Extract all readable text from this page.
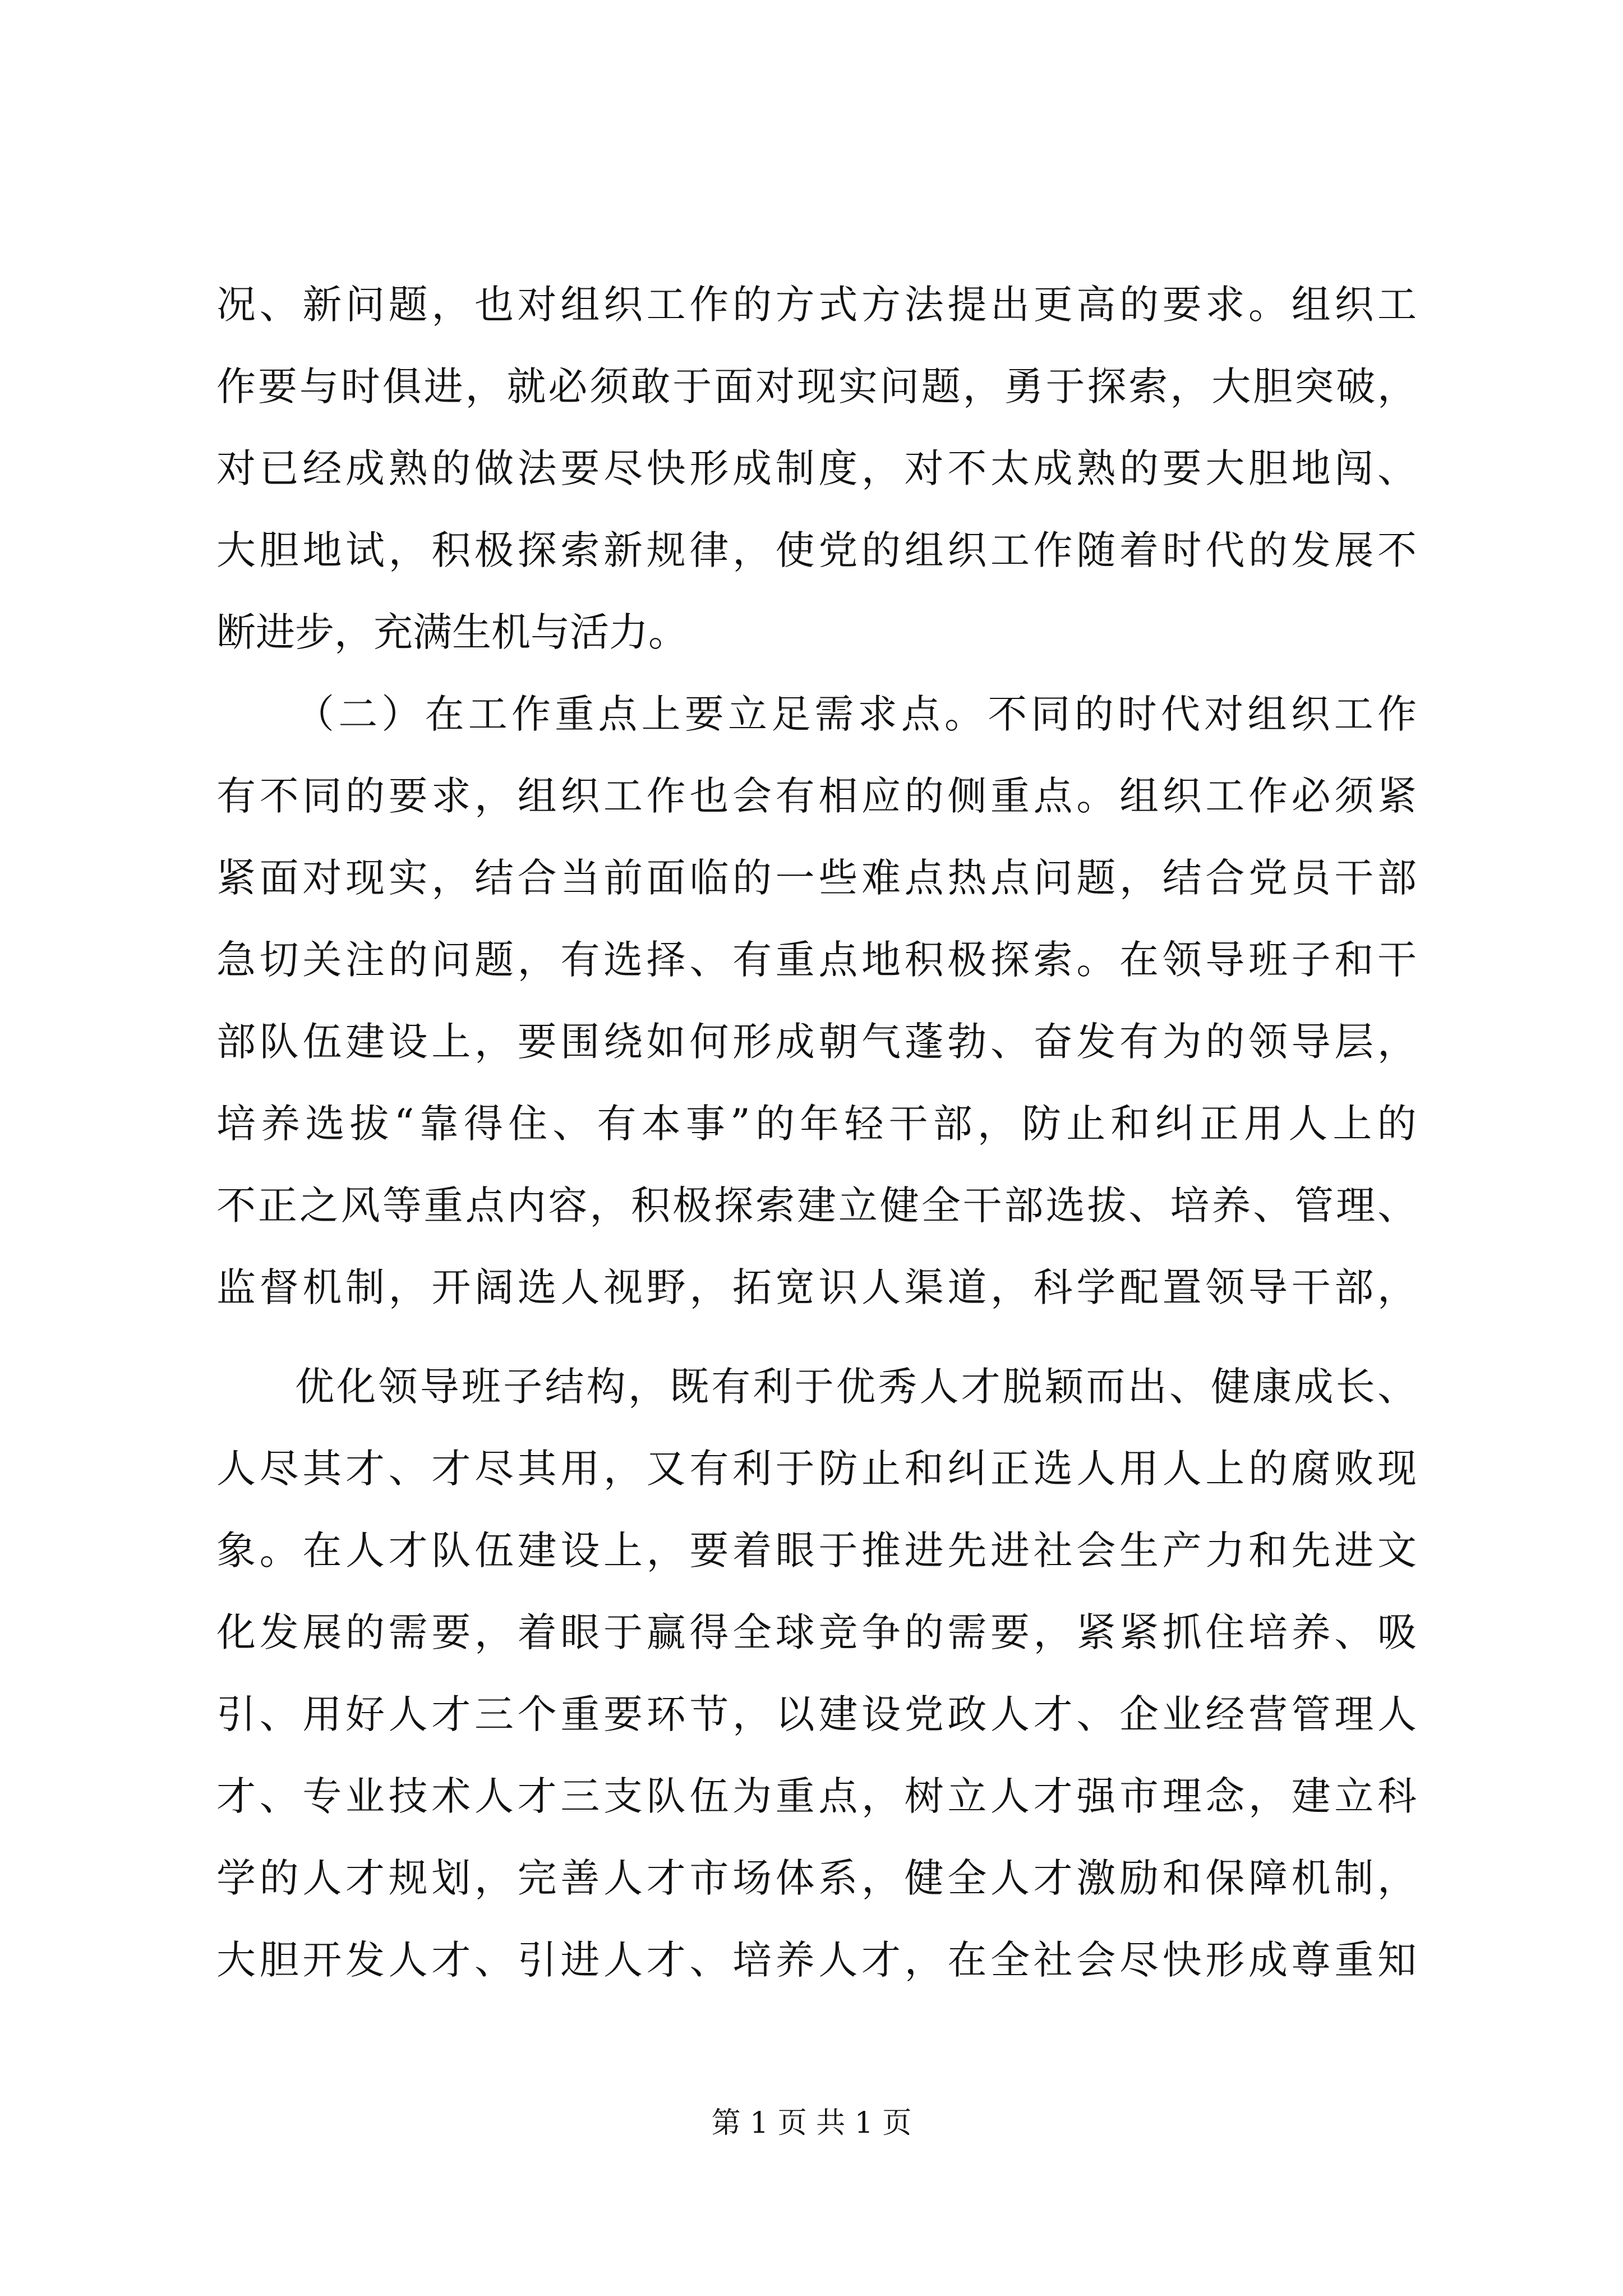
况、新问题，也对组织工作的方式方法提出更高的要求。组织工
作要与时俱进，就必须敢于面对现实问题，勇于探索，大胆突破，
对已经成熟的做法要尽快形成制度，对不太成熟的要大胆地闯、
大胆地试，积极探索新规律，使党的组织工作随着时代的发展不
断进步，充满生机与活力。
（二）在工作重点上要立足需求点。不同的时代对组织工作
有不同的要求，组织工作也会有相应的侧重点。组织工作必须紧
紧面对现实，结合当前面临的一些难点热点问题，结合党员干部
急切关注的问题，有选择、有重点地积极探索。在领导班子和干
部队伍建设上，要围绕如何形成朝气蓬勃、奋发有为的领导层，
培养选拔“靠得住、有本事”的年轻干部，防止和纠正用人上的
不正之风等重点内容，积极探索建立健全干部选拔、培养、管理、
监督机制，开阔选人视野，拓宽识人渠道，科学配置领导干部，
优化领导班子结构，既有利于优秀人才脱颖而出、健康成长、
人尽其才、才尽其用，又有利于防止和纠正选人用人上的腐败现
象。在人才队伍建设上，要着眼于推进先进社会生产力和先进文
化发展的需要，着眼于赢得全球竞争的需要，紧紧抓住培养、吸
引、用好人才三个重要环节，以建设党政人才、企业经营管理人
才、专业技术人才三支队伍为重点，树立人才强市理念，建立科
学的人才规划，完善人才市场体系，健全人才激励和保障机制，
大胆开发人才、引进人才、培养人才，在全社会尽快形成尊重知
第 1 页 共 1 页
